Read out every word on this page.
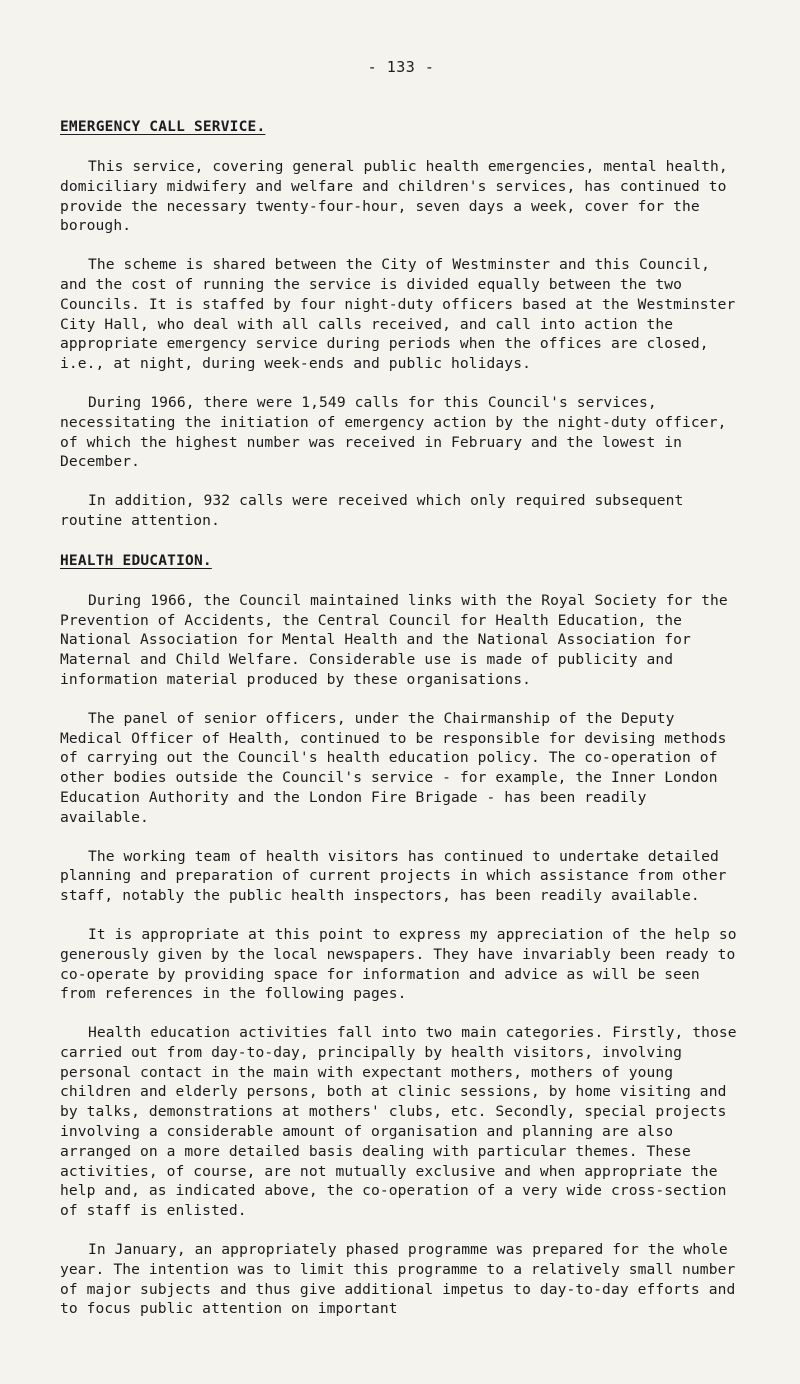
- 133 -
EMERGENCY CALL SERVICE.

This service, covering general public health emergencies, mental health, domiciliary midwifery and welfare and children's services, has continued to provide the necessary twenty-four-hour, seven days a week, cover for the borough.

The scheme is shared between the City of Westminster and this Council, and the cost of running the service is divided equally between the two Councils. It is staffed by four night-duty officers based at the Westminster City Hall, who deal with all calls received, and call into action the appropriate emergency service during periods when the offices are closed, i.e., at night, during week-ends and public holidays.

During 1966, there were 1,549 calls for this Council's services, necessitating the initiation of emergency action by the night-duty officer, of which the highest number was received in February and the lowest in December.

In addition, 932 calls were received which only required subsequent routine attention.

HEALTH EDUCATION.

During 1966, the Council maintained links with the Royal Society for the Prevention of Accidents, the Central Council for Health Education, the National Association for Mental Health and the National Association for Maternal and Child Welfare. Considerable use is made of publicity and information material produced by these organisations.

The panel of senior officers, under the Chairmanship of the Deputy Medical Officer of Health, continued to be responsible for devising methods of carrying out the Council's health education policy. The co-operation of other bodies outside the Council's service - for example, the Inner London Education Authority and the London Fire Brigade - has been readily available.

The working team of health visitors has continued to undertake detailed planning and preparation of current projects in which assistance from other staff, notably the public health inspectors, has been readily available.

It is appropriate at this point to express my appreciation of the help so generously given by the local newspapers. They have invariably been ready to co-operate by providing space for information and advice as will be seen from references in the following pages.

Health education activities fall into two main categories. Firstly, those carried out from day-to-day, principally by health visitors, involving personal contact in the main with expectant mothers, mothers of young children and elderly persons, both at clinic sessions, by home visiting and by talks, demonstrations at mothers' clubs, etc. Secondly, special projects involving a considerable amount of organisation and planning are also arranged on a more detailed basis dealing with particular themes. These activities, of course, are not mutually exclusive and when appropriate the help and, as indicated above, the co-operation of a very wide cross-section of staff is enlisted.

In January, an appropriately phased programme was prepared for the whole year. The intention was to limit this programme to a relatively small number of major subjects and thus give additional impetus to day-to-day efforts and to focus public attention on important
